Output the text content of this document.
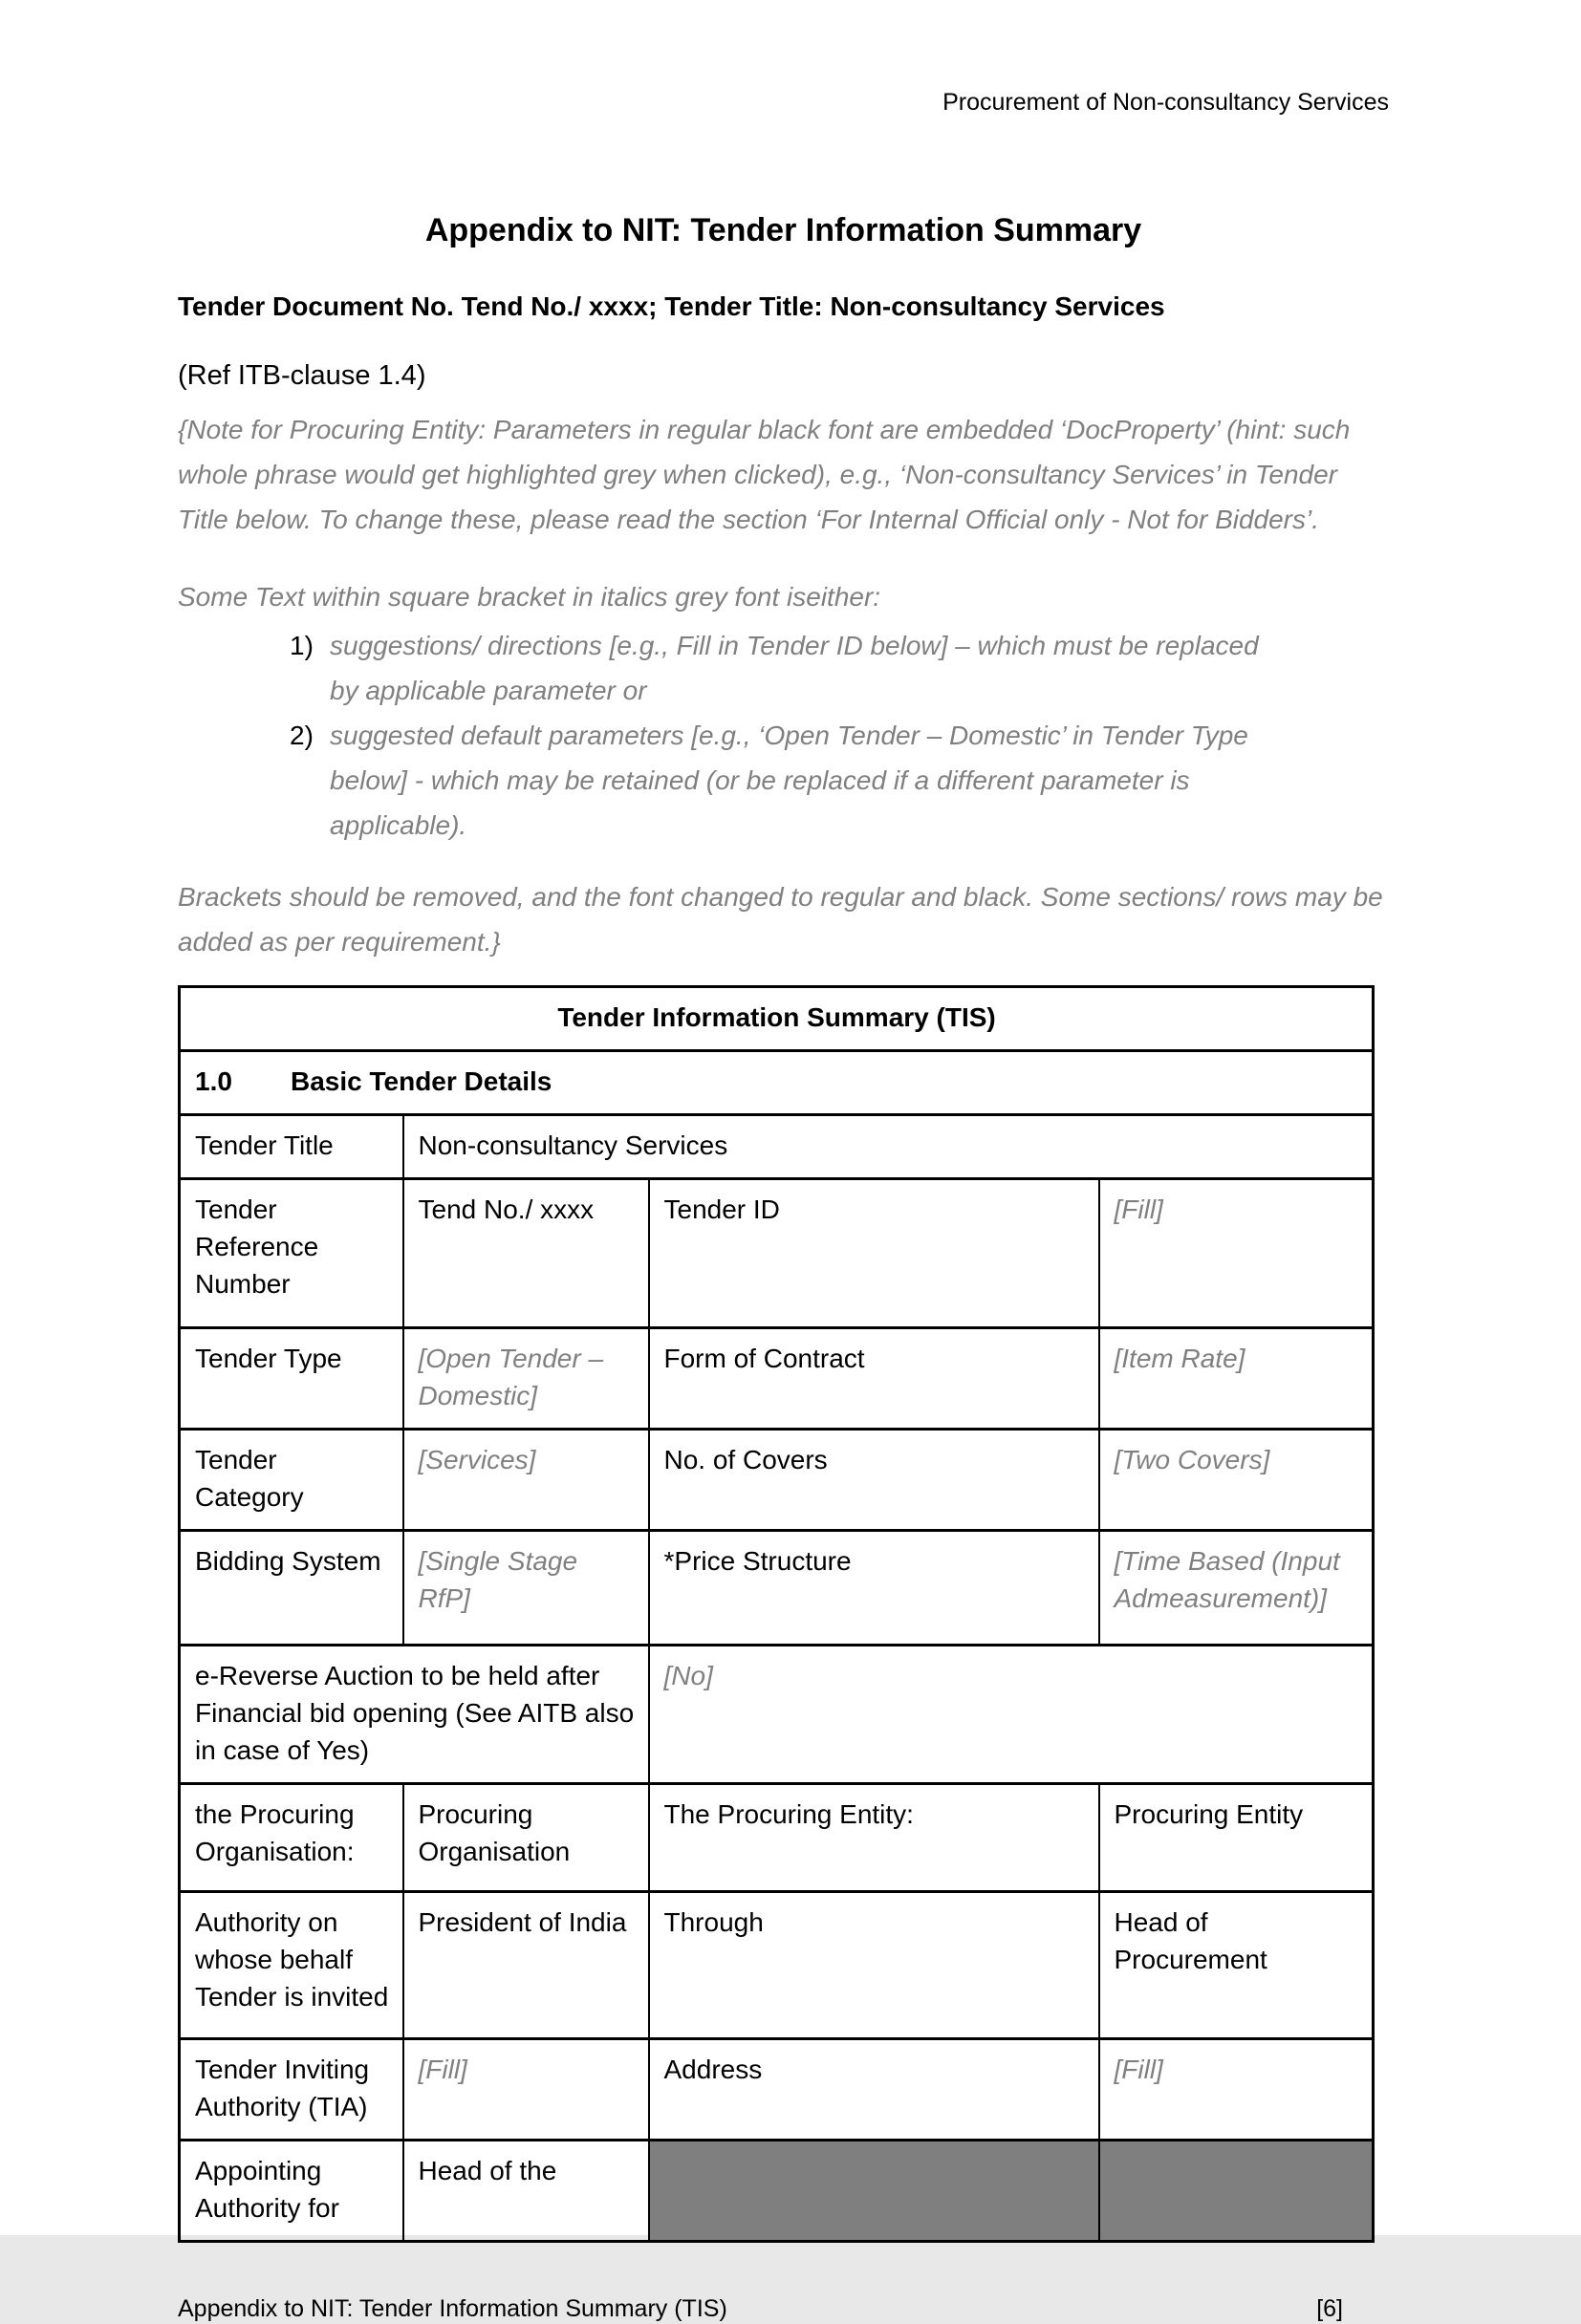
Procurement of Non-consultancy Services
Appendix to NIT: Tender Information Summary
Tender Document No. Tend No./ xxxx; Tender Title: Non-consultancy Services
(Ref ITB-clause 1.4)
{Note for Procuring Entity: Parameters in regular black font are embedded ‘DocProperty’ (hint: such whole phrase would get highlighted grey when clicked), e.g., ‘Non-consultancy Services’ in Tender Title below. To change these, please read the section ‘For Internal Official only - Not for Bidders’.
Some Text within square bracket in italics grey font iseither:
1) suggestions/ directions [e.g., Fill in Tender ID below] – which must be replaced by applicable parameter or
2) suggested default parameters [e.g., ‘Open Tender – Domestic’ in Tender Type below] - which may be retained (or be replaced if a different parameter is applicable).
Brackets should be removed, and the font changed to regular and black. Some sections/ rows may be added as per requirement.}
Tender Information Summary (TIS)			
1.0 Basic Tender Details			
Tender Title	Non-consultancy Services		
Tender Reference Number	Tend No./ xxxx	Tender ID	[Fill]
Tender Type	[Open Tender – Domestic]	Form of Contract	[Item Rate]
Tender Category	[Services]	No. of Covers	[Two Covers]
Bidding System	[Single Stage RfP]	*Price Structure	[Time Based (Input Admeasurement)]
e-Reverse Auction to be held after Financial bid opening (See AITB also in case of Yes)		[No]	
the Procuring Organisation:	Procuring Organisation	The Procuring Entity:	Procuring Entity
Authority on whose behalf Tender is invited	President of India	Through	Head of Procurement
Tender Inviting Authority (TIA)	[Fill]	Address	[Fill]
Appointing Authority for	Head of the		
Appendix to NIT: Tender Information Summary (TIS)	[6]
